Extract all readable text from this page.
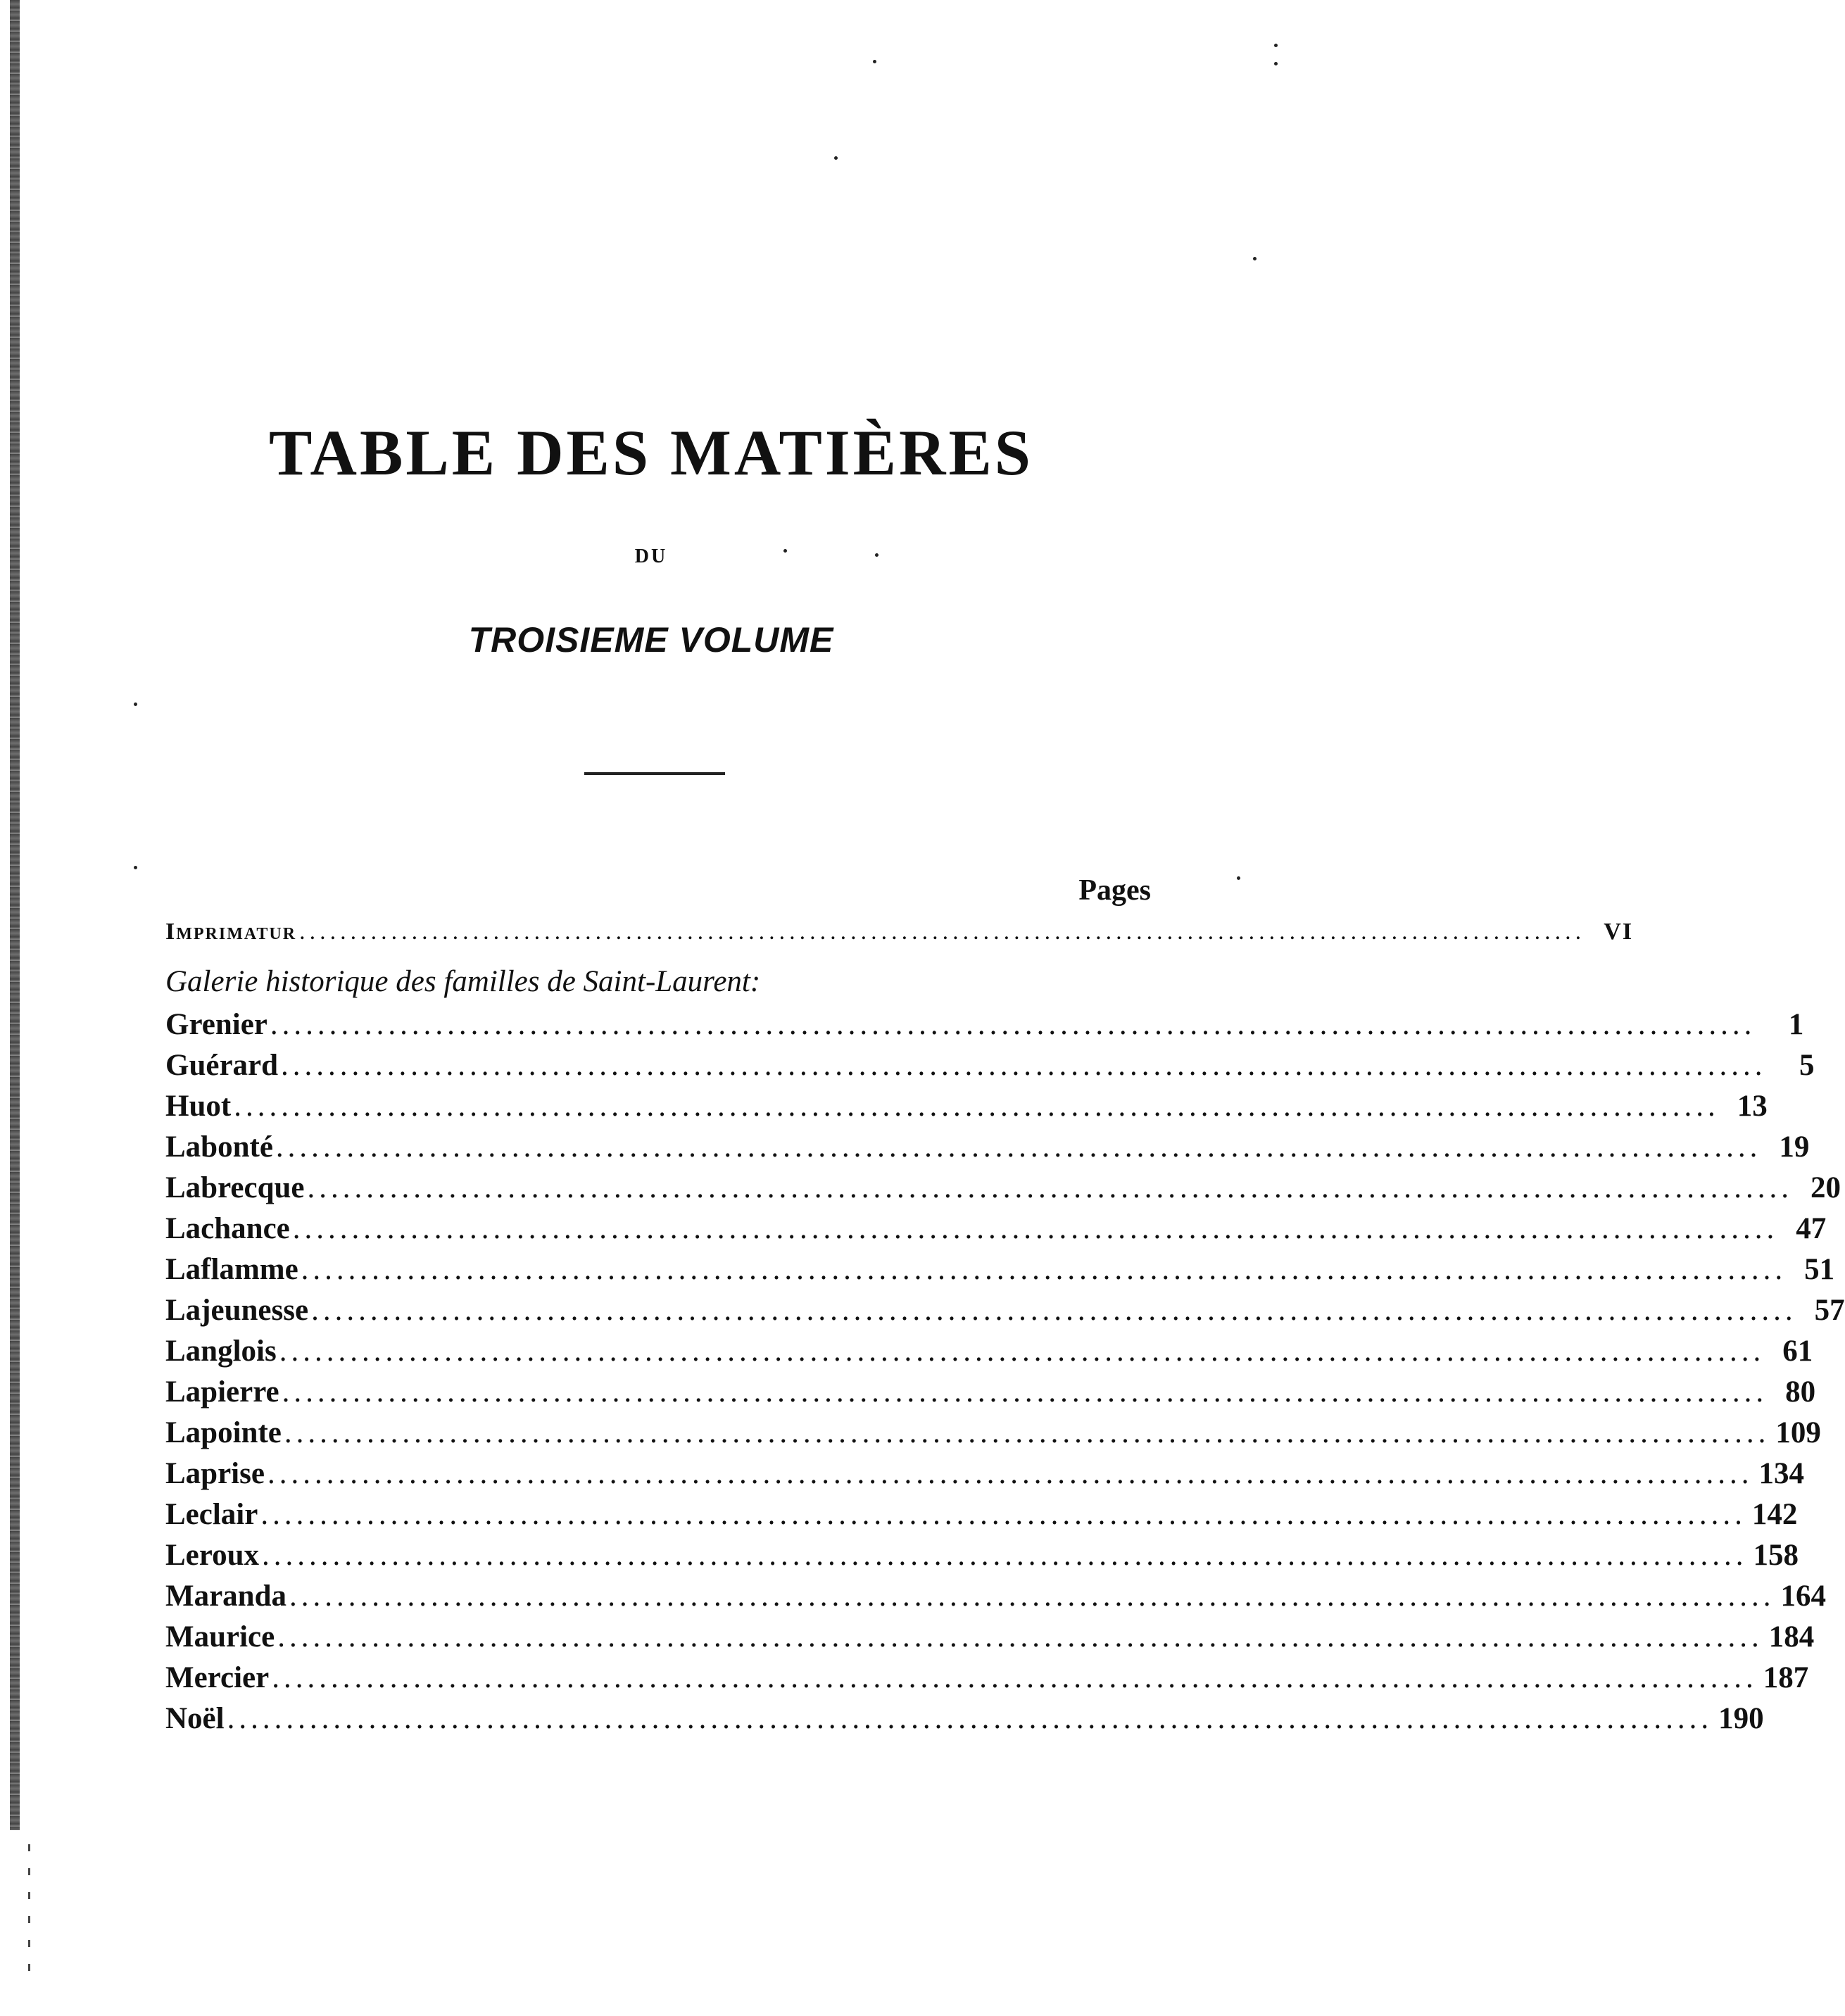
TABLE DES MATIÈRES
DU
TROISIEME VOLUME
Pages
Imprimatur .............................................................................................................................. VI
Galerie historique des familles de Saint-Laurent:
Grenier ..............................................................................................................................	1
Guérard ..............................................................................................................................	5
Huot .............................................................................................................................. 13
Labonté .............................................................................................................................. 19
Labrecque .............................................................................................................................. 20
Lachance .............................................................................................................................. 47
Laflamme .............................................................................................................................. 51
Lajeunesse .............................................................................................................................. 57
Langlois .............................................................................................................................. 61
Lapierre .............................................................................................................................. 80
Lapointe .............................................................................................................................. 109
Laprise .............................................................................................................................. 134
Leclair .............................................................................................................................. 142
Leroux .............................................................................................................................. 158
Maranda .............................................................................................................................. 164
Maurice .............................................................................................................................. 184
Mercier .............................................................................................................................. 187
Noël .............................................................................................................................. 190
